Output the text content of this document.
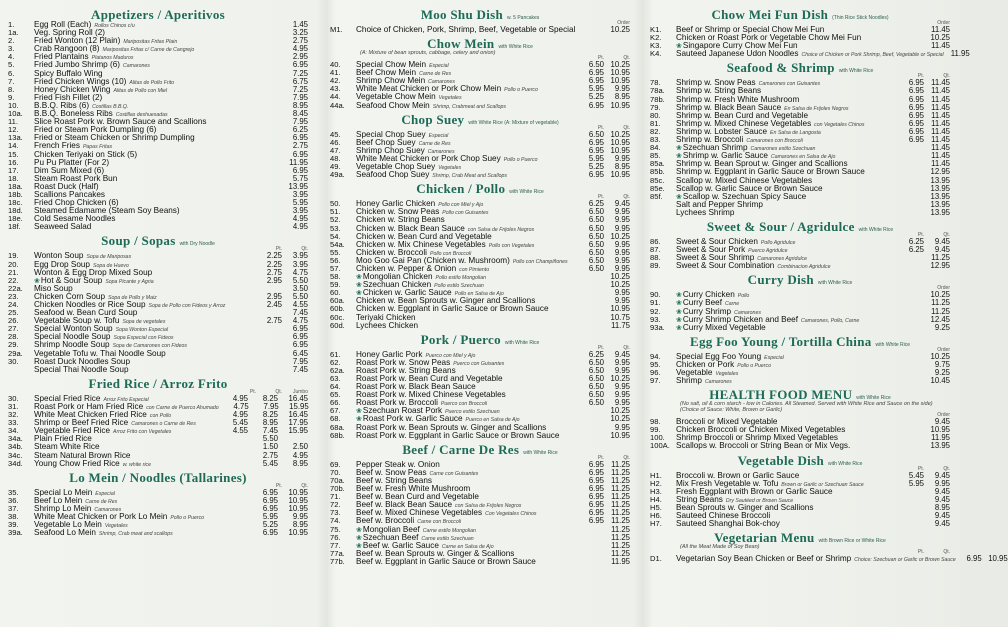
Appetizers / Aperitivos
1.	Egg Roll (Each) Rollos Chinos c/u	1.45
1a.	Veg. Spring Roll (2)	3.25
2.	Fried Wonton (12 Plain) Maripositas Fritas Plain	2.75
3.	Crab Rangoon (8) Maripositas Fritas c/ Carne de Cangrejo	4.95
4.	Fried Plantains Platanos Maduros	2.95
5.	Fried Jumbo Shrimp (6) Camarones	6.95
6.	Spicy Buffalo Wing	7.25
7.	Fried Chicken Wings (10) Alitas de Pollo Frito	6.75
8.	Honey Chicken Wing Alitas de Pollo con Miel	7.25
9.	Fried Fish Fillet (2)	7.95
10.	B.B.Q. Ribs (6) Costillas B.B.Q.	8.95
10a.	B.B.Q. Boneless Ribs Costillas deshuesadas	8.45
11.	Slice Roast Pork w. Brown Sauce and Scallions	7.95
12.	Fried or Steam Pork Dumpling (6)	6.25
13a.	Fried or Steam Chicken or Shrimp Dumpling	6.95
14.	French Fries Papas Fritas	2.75
15.	Chicken Teriyaki on Stick (5)	6.95
16.	Pu Pu Platter (For 2)	11.95
17.	Dim Sum Mixed (6)	6.95
18.	Steam Roast Pork Bun	5.75
18a.	Roast Duck (Half)	13.95
18b.	Scallions Pancakes	3.95
18c.	Fried Chop Chicken (6)	5.95
18d.	Steamed Edamame (Steam Soy Beans)	3.95
18e.	Cold Sesame Noodles	4.95
18f.	Seaweed Salad	4.95
Soup / Sopas with Dry Noodle
Pt.	Qt.
19.	Wonton Soup Sopa de Mariposas	2.25	3.95
20.	Egg Drop Soup Sopa de Huevo	2.25	3.95
21.	Wonton & Egg Drop Mixed Soup	2.75	4.75
22.	❀Hot & Sour Soup Sopa Picante y Agria	2.95	5.50
22a.	Miso Soup	3.50
23.	Chicken Corn Soup Sopa de Pollo y Maiz	2.95	5.50
24.	Chicken Noodles or Rice Soup Sopa de Pollo con Fideos y Arroz	2.45	4.55
25.	Seafood w. Bean Curd Soup	7.45
26.	Vegetable Soup w. Tofu Sopa de vegetales	2.75	4.75
27.	Special Wonton Soup Sopa Wonton Especial	6.95
28.	Special Noodle Soup Sopa Especial con Fideos	6.95
29.	Shrimp Noodle Soup Sopa de Camarones con Fideos	6.95
29a.	Vegetable Tofu w. Thai Noodle Soup	6.45
30.	Roast Duck Noodles Soup	7.95
Special Thai Noodle Soup	7.45
Fried Rice / Arroz Frito
Pt.	Qt.	Jumbo
30.	Special Fried Rice Arroz Frito Especial	4.95	8.25	16.45
31.	Roast Pork or Ham Fried Rice con Carne de Puerco Ahumado	4.75	7.95	15.95
32.	White Meat Chicken Fried Rice con Pollo	4.95	8.25	16.45
33.	Shrimp or Beef Fried Rice Camarones o Carne de Res	5.45	8.95	17.95
34.	Vegetable Fried Rice Arroz Frito con Vegetales	4.55	7.45	15.95
34a.	Plain Fried Rice	5.50
34b.	Steam White Rice	1.50	2.50
34c.	Steam Natural Brown Rice	2.75	4.95
34d.	Young Chow Fried Rice w. white rice	5.45	8.95
Lo Mein / Noodles (Tallarines)
Pt.	Qt.
35.	Special Lo Mein Especial	6.95	10.95
36.	Beef Lo Mein Carne de Res	6.95	10.95
37.	Shrimp Lo Mein Camarones	6.95	10.95
38.	White Meat Chicken or Pork Lo Mein Pollo o Puerco	5.95	9.95
39.	Vegetable Lo Mein Vegetales	5.25	8.95
39a.	Seafood Lo Mein Shrimp, Crab meat and scallops	6.95	10.95
Moo Shu Dish w. 5 Pancakes
Order
M1.	Choice of Chicken, Pork, Shrimp, Beef, Vegetable or Special	10.25
Chow Mein with White Rice
(A: Mixture of bean sprouts, cabbage, celery and onion)
Pt.	Qt.
40.	Special Chow Mein Especial	6.50 10.25
41.	Beef Chow Mein Carne de Res	6.95 10.95
42.	Shrimp Chow Mein Camarones	6.95 10.95
43.	White Meat Chicken or Pork Chow Mein Pollo o Puerco	5.95	9.95
44.	Vegetable Chow Mein Vegetales	5.25	8.95
44a.	Seafood Chow Mein Shrimp, Crabmeat and Scallops	6.95 10.95
Chop Suey with White Rice (A: Mixture of vegetable)
Pt.	Qt.
45.	Special Chop Suey Especial	6.50 10.25
46.	Beef Chop Suey Carne de Res	6.95 10.95
47.	Shrimp Chop Suey Camarones	6.95 10.95
48.	White Meat Chicken or Pork Chop Suey Pollo o Puerco	5.95	9.95
49.	Vegetable Chop Suey Vegetales	5.25	8.95
49a.	Seafood Chop Suey Shrimp, Crab Meat and Scallops	6.95 10.95
Chicken / Pollo with White Rice
Pt.	Qt.
50.	Honey Garlic Chicken Pollo con Miel y Ajo	6.25	9.45
51.	Chicken w. Snow Peas Pollo con Guisantes	6.50	9.95
52.	Chicken w. String Beans	6.50	9.95
53.	Chicken w. Black Bean Sauce con Salsa de Frijoles Negros	6.50	9.95
54.	Chicken w. Bean Curd and Vegetable	6.50 10.25
54a.	Chicken w. Mix Chinese Vegetables Pollo con Vegetales	6.50	9.95
55.	Chicken w. Broccoli Pollo con Broccoli	6.50	9.95
56.	Moo Goo Gai Pan (Chicken w. Mushroom) Pollo con Champiñones	6.50	9.95
57.	Chicken w. Pepper & Onion con Pimiento	6.50	9.95
58.	❀Mongolian Chicken Pollo estilo Mongolian	10.25
59.	❀Szechuan Chicken Pollo estilo Szechuan	10.25
60.	❀Chicken w. Garlic Sauce Pollo en Salsa de Ajo	9.95
60a.	Chicken w. Bean Sprouts w. Ginger and Scallions	9.95
60b.	Chicken w. Eggplant in Garlic Sauce or Brown Sauce	10.95
60c.	Teriyaki Chicken	10.75
60d.	Lychees Chicken	11.75
Pork / Puerco with White Rice
Pt.	Qt.
61.	Honey Garlic Pork Puerco con Miel y Ajo	6.25	9.45
62.	Roast Pork w. Snow Peas Puerco con Guisantes	6.50	9.95
62a.	Roast Pork w. String Beans	6.50	9.95
63.	Roast Pork w. Bean Curd and Vegetable	6.50 10.25
64.	Roast Pork w. Black Bean Sauce	6.50	9.95
65.	Roast Pork w. Mixed Chinese Vegetables	6.50	9.95
66.	Roast Pork w. Broccoli Puerco con Broccoli	6.50	9.95
67.	❀Szechuan Roast Pork Puerco estilo Szechuan	10.25
68.	❀Roast Pork w. Garlic Sauce Puerco en Salsa de Ajo	10.25
68a.	Roast Pork w. Bean Sprouts w. Ginger and Scallions	9.95
68b.	Roast Pork w. Eggplant in Garlic Sauce or Brown Sauce	10.95
Beef / Carne De Res with White Rice
Pt.	Qt.
69.	Pepper Steak w. Onion	6.95 11.25
70.	Beef w. Snow Peas Carne con Guisantes	6.95 11.25
70a.	Beef w. String Beans	6.95 11.25
70b.	Beef w. Fresh White Mushroom	6.95 11.25
71.	Beef w. Bean Curd and Vegetable	6.95 11.25
72.	Beef w. Black Bean Sauce con Salsa de Frijoles Negros	6.95 11.25
73.	Beef w. Mixed Chinese Vegetables Con Vegetales Chinos	6.95 11.25
74.	Beef w. Broccoli Carne con Broccoli	6.95 11.25
75.	❀Mongolian Beef Carne estilo Mongolian	11.25
76.	❀Szechuan Beef Carne estilo Szechuan	11.25
77.	❀Beef w. Garlic Sauce Carne en Salsa de Ajo	11.25
77a.	Beef w. Bean Sprouts w. Ginger & Scallions	11.25
77b.	Beef w. Eggplant in Garlic Sauce or Brown Sauce	11.95
Chow Mei Fun Dish (Thin Rice Stick Noodles)
Order
K1.	Beef or Shrimp or Special Chow Mei Fun	11.45
K2.	Chicken or Roast Pork or Vegetable Chow Mei Fun	10.25
K3.	❀Singapore Curry Chow Mei Fun	11.45
K4.	Sauteed Japanese Udon Noodles Choice of Chicken or Pork Shrimp, Beef, Vegetable or Special 11.95
Seafood & Shrimp with White Rice
Pt.	Qt.
78.	Shrimp w. Snow Peas Camarones con Guisantes	6.95 11.45
78a.	Shrimp w. String Beans	6.95 11.45
78b.	Shrimp w. Fresh White Mushroom	6.95 11.45
79.	Shrimp w. Black Bean Sauce En Salsa de Frijoles Negros	6.95 11.45
80.	Shrimp w. Bean Curd and Vegetable	6.95 11.45
81.	Shrimp w. Mixed Chinese Vegetables con Vegetales Chinos	6.95 11.45
82.	Shrimp w. Lobster Sauce En Salsa de Langosta	6.95 11.45
83.	Shrimp w. Broccoli Camarones con Broccoli	6.95 11.45
84.	❀Szechuan Shrimp Camarones estilo Szechuan	11.45
85.	❀Shrimp w. Garlic Sauce Camarones en Salsa de Ajo	11.45
85a.	Shrimp w. Bean Sprout w. Ginger and Scallions	11.45
85b.	Shrimp w. Eggplant in Garlic Sauce or Brown Sauce	12.95
85c.	Scallop w. Mixed Chinese Vegetables	13.95
85e.	Scallop w. Garlic Sauce or Brown Sauce	13.95
85f.	❀Scallop w. Szechuan Spicy Sauce	13.95
Salt and Pepper Shrimp	13.95
Lychees Shrimp	13.95
Sweet & Sour / Agridulce with White Rice
Pt.	Qt.
86.	Sweet & Sour Chicken Pollo Agridulce	6.25	9.45
87.	Sweet & Sour Pork Puerco Agridulce	6.25	9.45
88.	Sweet & Sour Shrimp Camarones Agridulce	11.25
89.	Sweet & Sour Combination Combinacion Agridulce	12.95
Curry Dish with White Rice
Order
90.	❀Curry Chicken Pollo	10.25
91.	❀Curry Beef Carne	11.25
92.	❀Curry Shrimp Camarones	11.25
93.	❀Curry Shrimp Chicken and Beef Camarones, Pollo, Carne	12.45
93a.	❀Curry Mixed Vegetable	9.25
Egg Foo Young / Tortilla China with White Rice
Order
94.	Special Egg Foo Young Especial	10.25
95.	Chicken or Pork Pollo o Puerco	9.75
96.	Vegetable Vegetales	9.25
97.	Shrimp Camarones	10.45
HEALTH FOOD MENU with White Rice
(No salt, oil & corn starch - low in Calories. All Steamed. Served with White Rice and Sauce on the side) (Choice of Sauce: White, Brown or Garlic)
Order
98.	Broccoli or Mixed Vegetable	9.45
99.	Chicken Broccoli or Chicken Mixed Vegetables	10.95
100.	Shrimp Broccoli or Shrimp Mixed Vegetables	11.95
100A. Scallops w. Broccoli or String Bean or Mix Vegs.	13.95
Vegetable Dish with White Rice
Pt.	Qt.
H1.	Broccoli w. Brown or Garlic Sauce	5.45	9.45
H2.	Mix Fresh Vegetable w. Tofu Brown or Garlic or Szechuan Sauce	5.95	9.95
H3.	Fresh Eggplant with Brown or Garlic Sauce	9.45
H4.	String Beans Dry Sautéed or Brown Sauce	9.45
H5.	Bean Sprouts w. Ginger and Scallions	8.95
H6.	Sauteed Chinese Broccoli	9.45
H7.	Sauteed Shanghai Bok-choy	9.45
Vegetarian Menu with Brown Rice or White Rice
(All the Meat Made of Soy Bean)
Pt.	Qt.
D1.	Vegetarian Soy Bean Chicken or Beef or Shrimp Choice: Szechuan or Garlic or Brown Sauce	6.95 10.95
